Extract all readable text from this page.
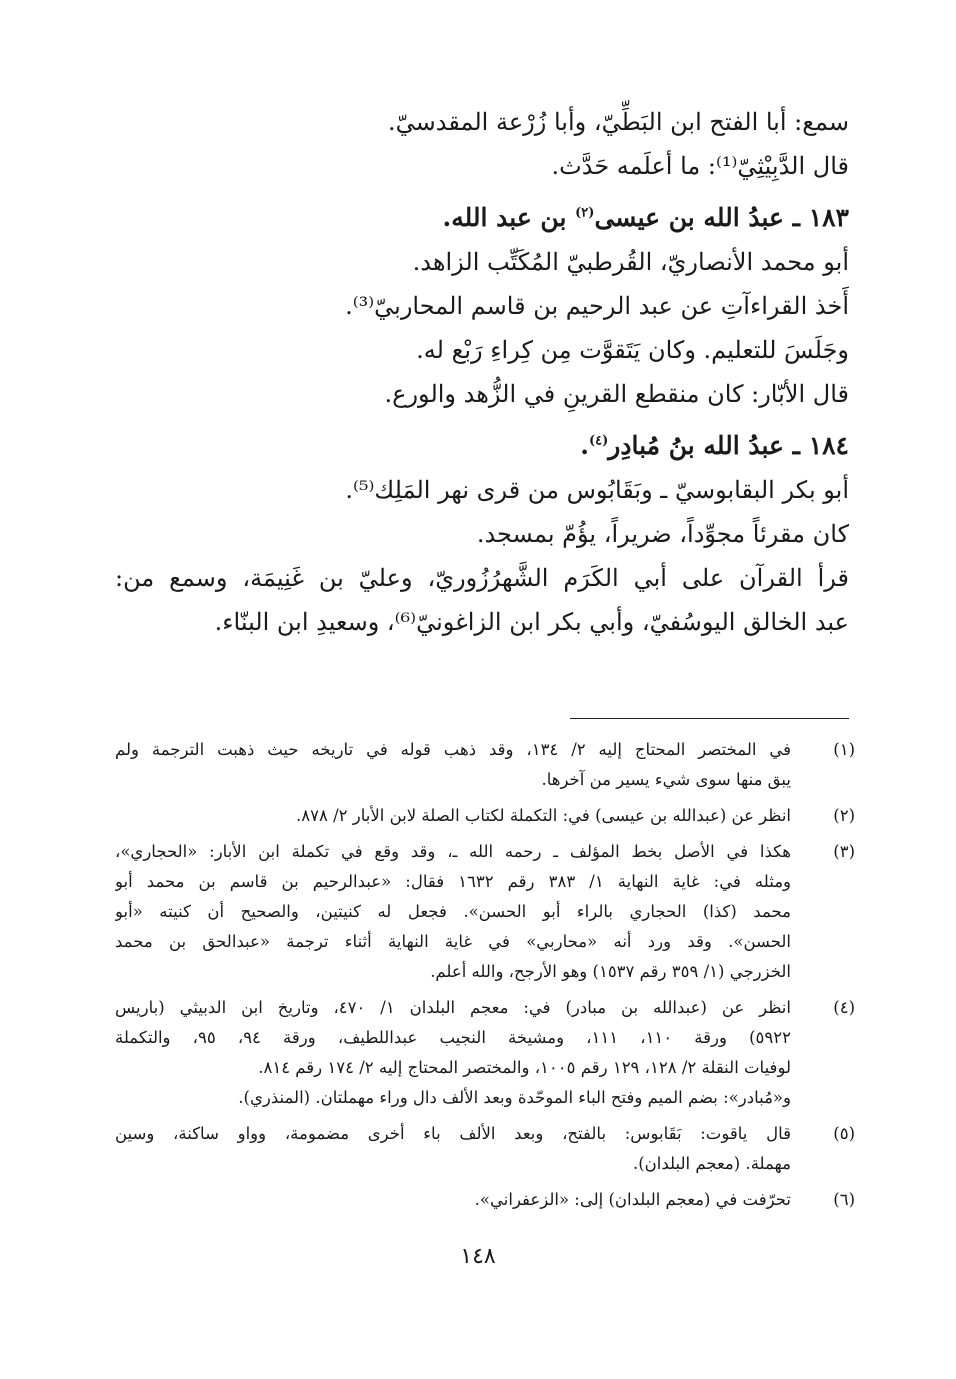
سمع: أبا الفتح ابن البَطِّيّ، وأبا زُرْعة المقدسيّ.
قال الدَّبِيْثِيّ⁽¹⁾: ما أعلَمه حَدَّث.
١٨٣ ـ عبدُ الله بن عيسى$^{(٢)}$ بن عبد الله.
أبو محمد الأنصاريّ، القُرطبيّ المُكَتِّب الزاهد.
أَخذ القراءآتِ عن عبد الرحيم بن قاسم المحاربيّ⁽³⁾.
وجَلَسَ للتعليم. وكان يَتَقوَّت مِن كِراءِ رَبْع له.
قال الأبّار: كان منقطع القرينِ في الزُّهد والورع.
١٨٤ ـ عبدُ الله بنُ مُبادِر$^{(٤)}$.
أبو بكر البقابوسيّ ـ وبَقَابُوس من قرى نهر المَلِك⁽⁵⁾.
كان مقرئاً مجوِّداً، ضريراً، يؤُمّ بمسجد.
قرأ القرآن على أبي الكَرَم الشَّهرُزُوريّ، وعليّ بن غَنِيمَة، وسمع من:
عبد الخالق اليوسُفيّ، وأبي بكر ابن الزاغونيّ⁽⁶⁾، وسعيدِ ابن البنّاء.
(١)
في المختصر المحتاج إليه ٢/ ١٣٤، وقد ذهب قوله في تاريخه حيث ذهبت الترجمة ولم
يبق منها سوى شيء يسير من آخرها.
(٢)
انظر عن (عبدالله بن عيسى) في: التكملة لكتاب الصلة لابن الأبار ٢/ ٨٧٨.
(٣)
هكذا في الأصل بخط المؤلف ـ رحمه الله ـ، وقد وقع في تكملة ابن الأبار: «الحجاري»،
ومثله في: غاية النهاية ١/ ٣٨٣ رقم ١٦٣٢ فقال: «عبدالرحيم بن قاسم بن محمد أبو
محمد (كذا) الحجاري بالراء أبو الحسن». فجعل له كنيتين، والصحيح أن كنيته «أبو
الحسن». وقد ورد أنه «محاربي» في غاية النهاية أثناء ترجمة «عبدالحق بن محمد
الخزرجي (١/ ٣٥٩ رقم ١٥٣٧) وهو الأرجح، والله أعلم.
(٤)
انظر عن (عبدالله بن مبادر) في: معجم البلدان ١/ ٤٧٠، وتاريخ ابن الدبيثي (باريس
٥٩٢٢) ورقة ١١٠، ١١١، ومشيخة النجيب عبداللطيف، ورقة ٩٤، ٩٥، والتكملة
لوفيات النقلة ٢/ ١٢٨، ١٢٩ رقم ١٠٠٥، والمختصر المحتاج إليه ٢/ ١٧٤ رقم ٨١٤.
و«مُبادر»: بضم الميم وفتح الباء الموحّدة وبعد الألف دال وراء مهملتان. (المنذري).
(٥)
قال ياقوت: بَقَابوس: بالفتح، وبعد الألف باء أخرى مضمومة، وواو ساكنة، وسين
مهملة. (معجم البلدان).
(٦)
تحرّفت في (معجم البلدان) إلى: «الزعفراني».
١٤٨
